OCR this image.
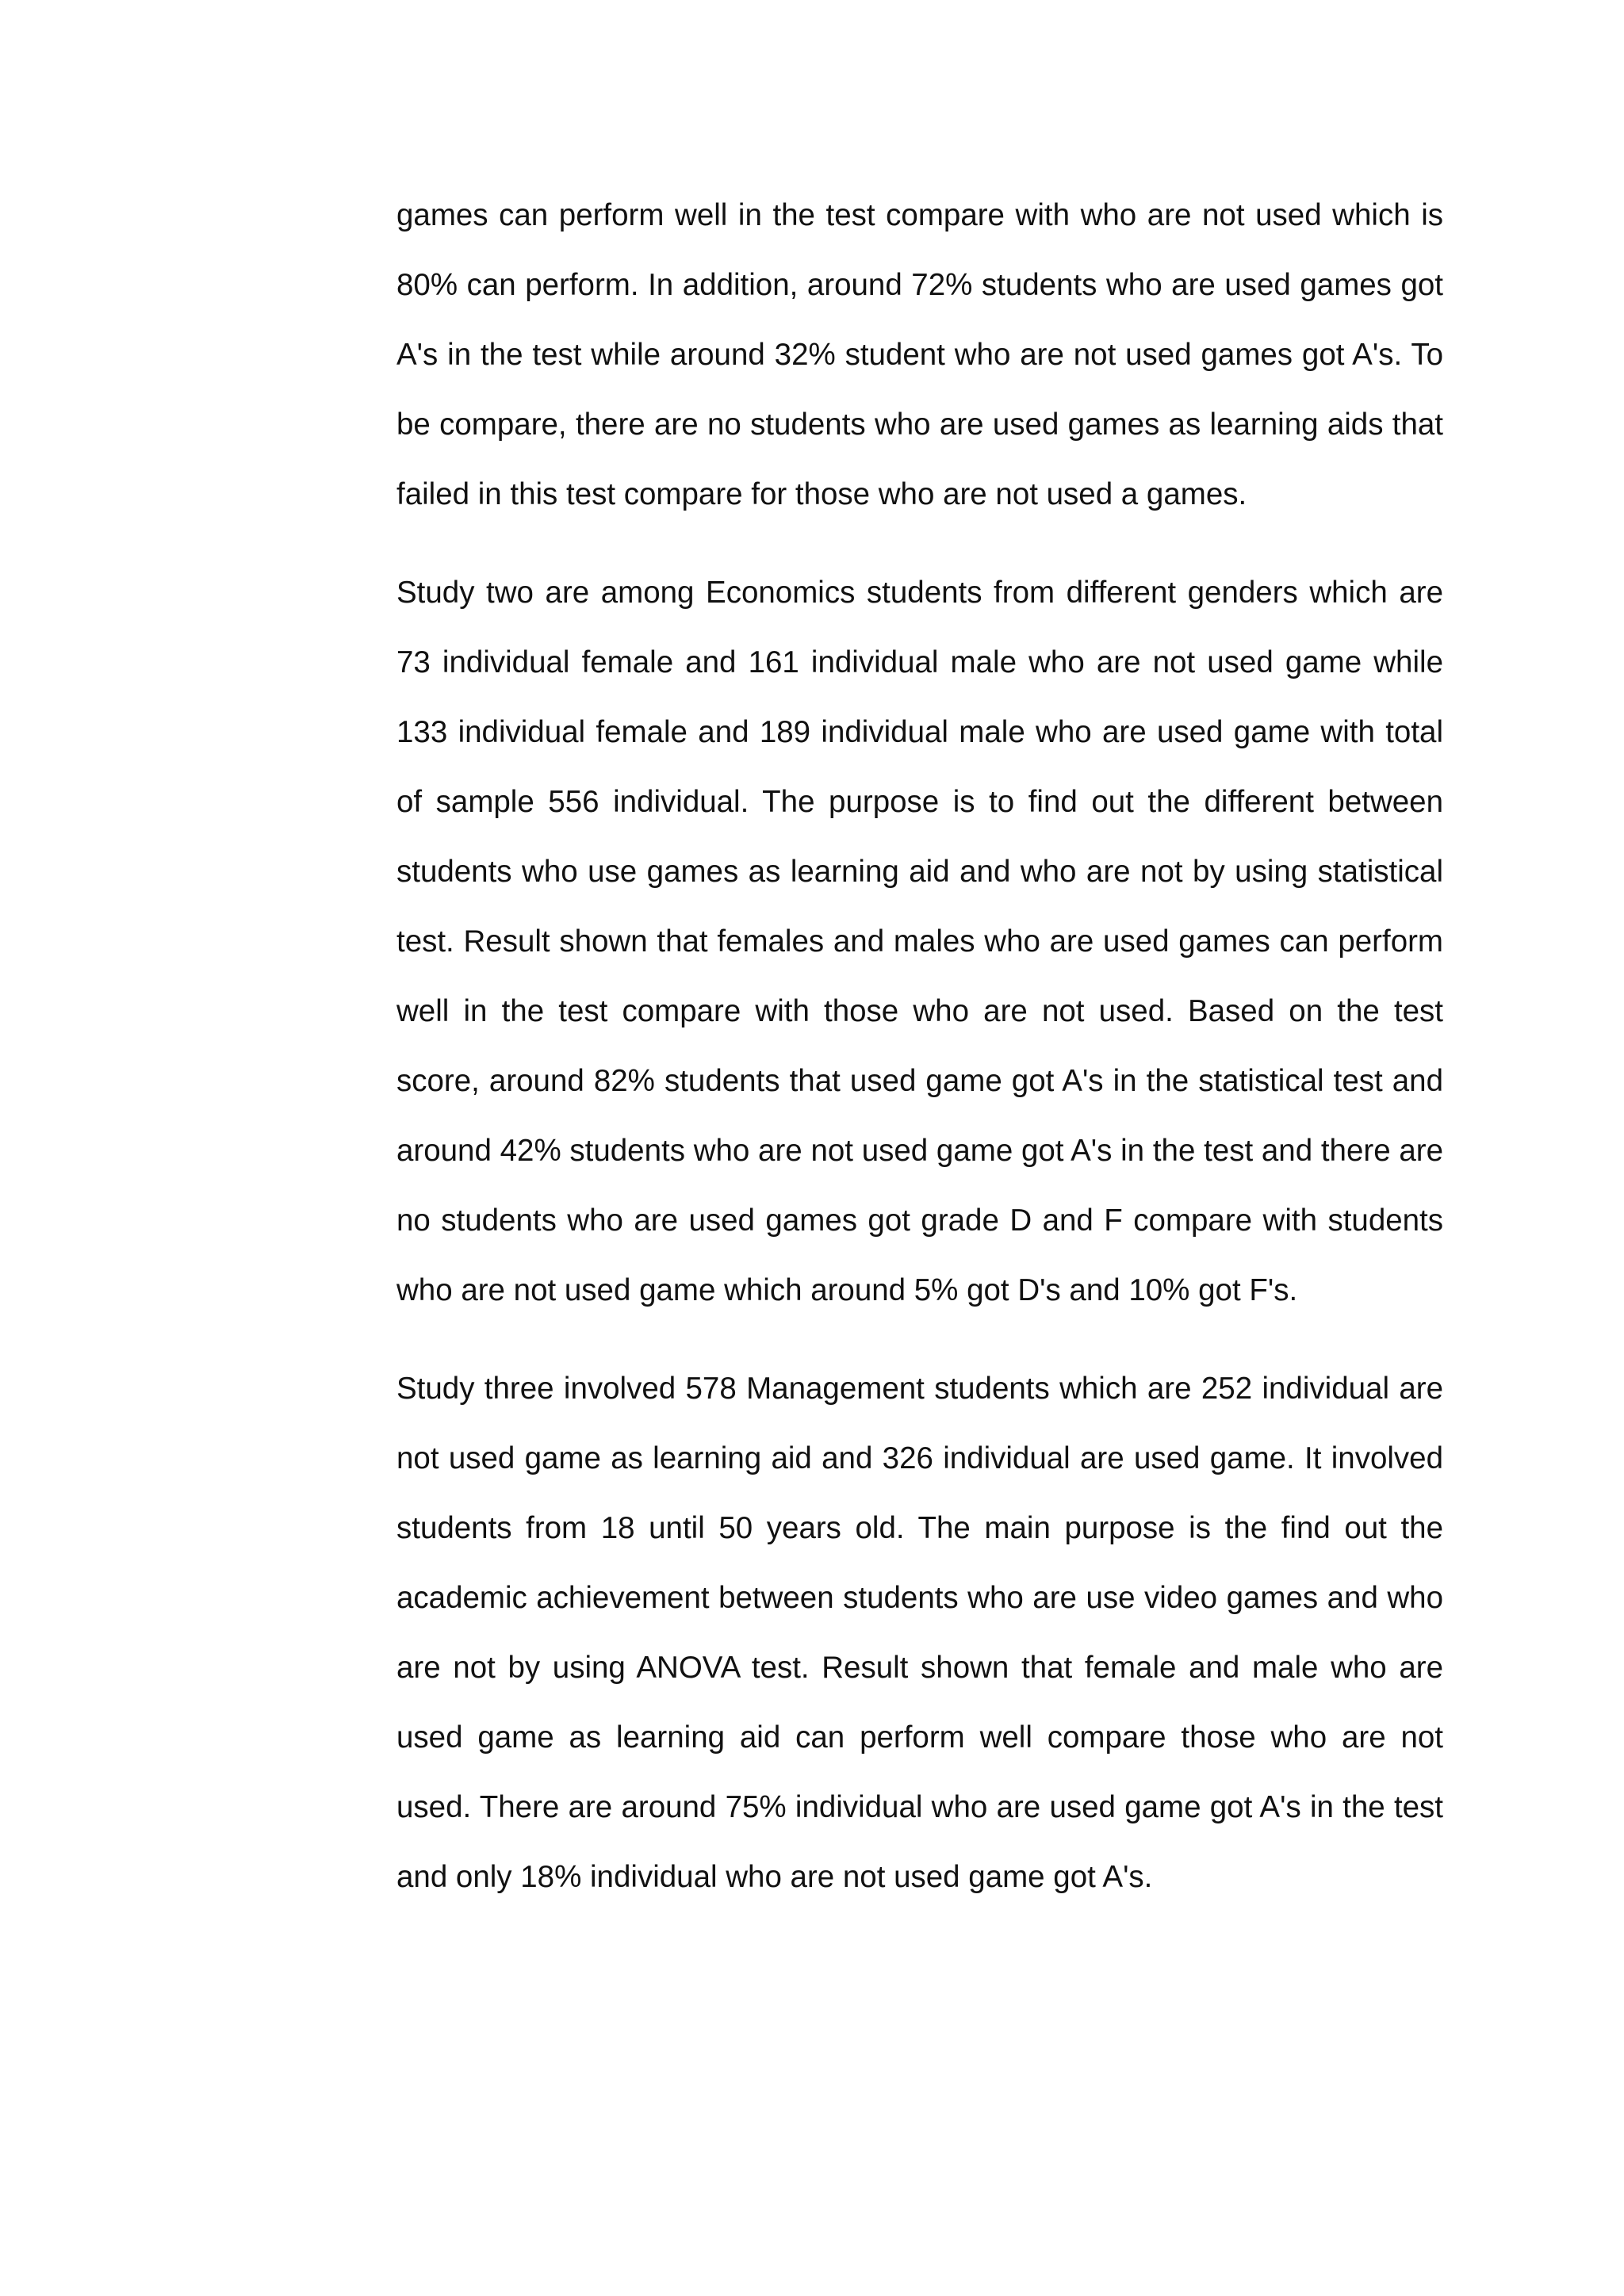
games can perform well in the test compare with who are not used which is 80% can perform. In addition, around 72% students who are used games got A's in the test while around 32% student who are not used games got A's. To be compare, there are no students who are used games as learning aids that failed in this test compare for those who are not used a games.

Study two are among Economics students from different genders which are 73 individual female and 161 individual male who are not used game while 133 individual female and 189 individual male who are used game with total of sample 556 individual. The purpose is to find out the different between students who use games as learning aid and who are not by using statistical test. Result shown that females and males who are used games can perform well in the test compare with those who are not used. Based on the test score, around 82% students that used game got A's in the statistical test and around 42% students who are not used game got A's in the test and there are no students who are used games got grade D and F compare with students who are not used game which around 5% got D's and 10% got F's.

Study three involved 578 Management students which are 252 individual are not used game as learning aid and 326 individual are used game. It involved students from 18 until 50 years old. The main purpose is the find out the academic achievement between students who are use video games and who are not by using ANOVA test. Result shown that female and male who are used game as learning aid can perform well compare those who are not used. There are around 75% individual who are used game got A's in the test and only 18% individual who are not used game got A's.
